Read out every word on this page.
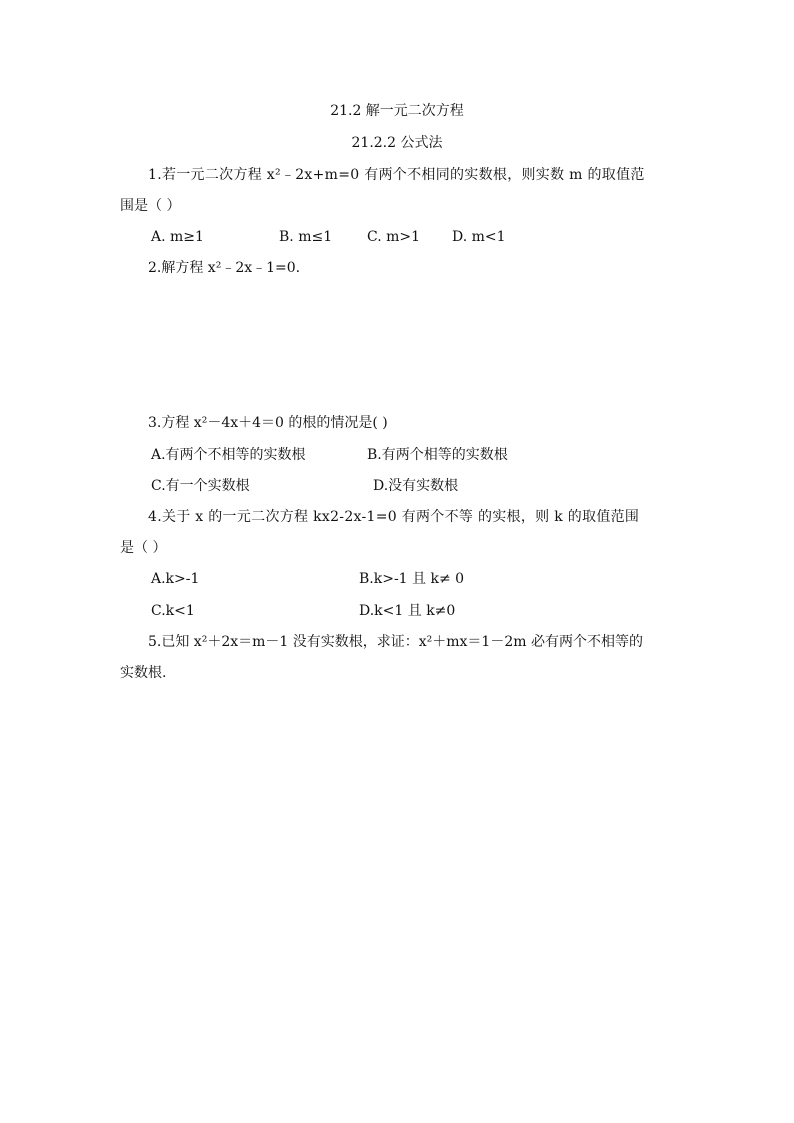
21.2 解一元二次方程
21.2.2 公式法
1.若一元二次方程 x²﹣2x+m=0 有两个不相同的实数根，则实数 m 的取值范
围是（ ）
A. m≥1	B. m≤1 C. m>1 D. m<1
2.解方程 x²﹣2x﹣1=0.
3.方程 x²－4x＋4＝0 的根的情况是( )
A.有两个不相等的实数根	B.有两个相等的实数根
C.有一个实数根	D.没有实数根
4.关于 x 的一元二次方程 kx2-2x-1=0 有两个不等 的实根，则 k 的取值范围
是（ ）
A.k>-1	B.k>-1 且 k≠ 0
C.k<1	D.k<1 且 k≠0
5.已知 x²＋2x＝m－1 没有实数根，求证：x²＋mx＝1－2m 必有两个不相等的
实数根.
